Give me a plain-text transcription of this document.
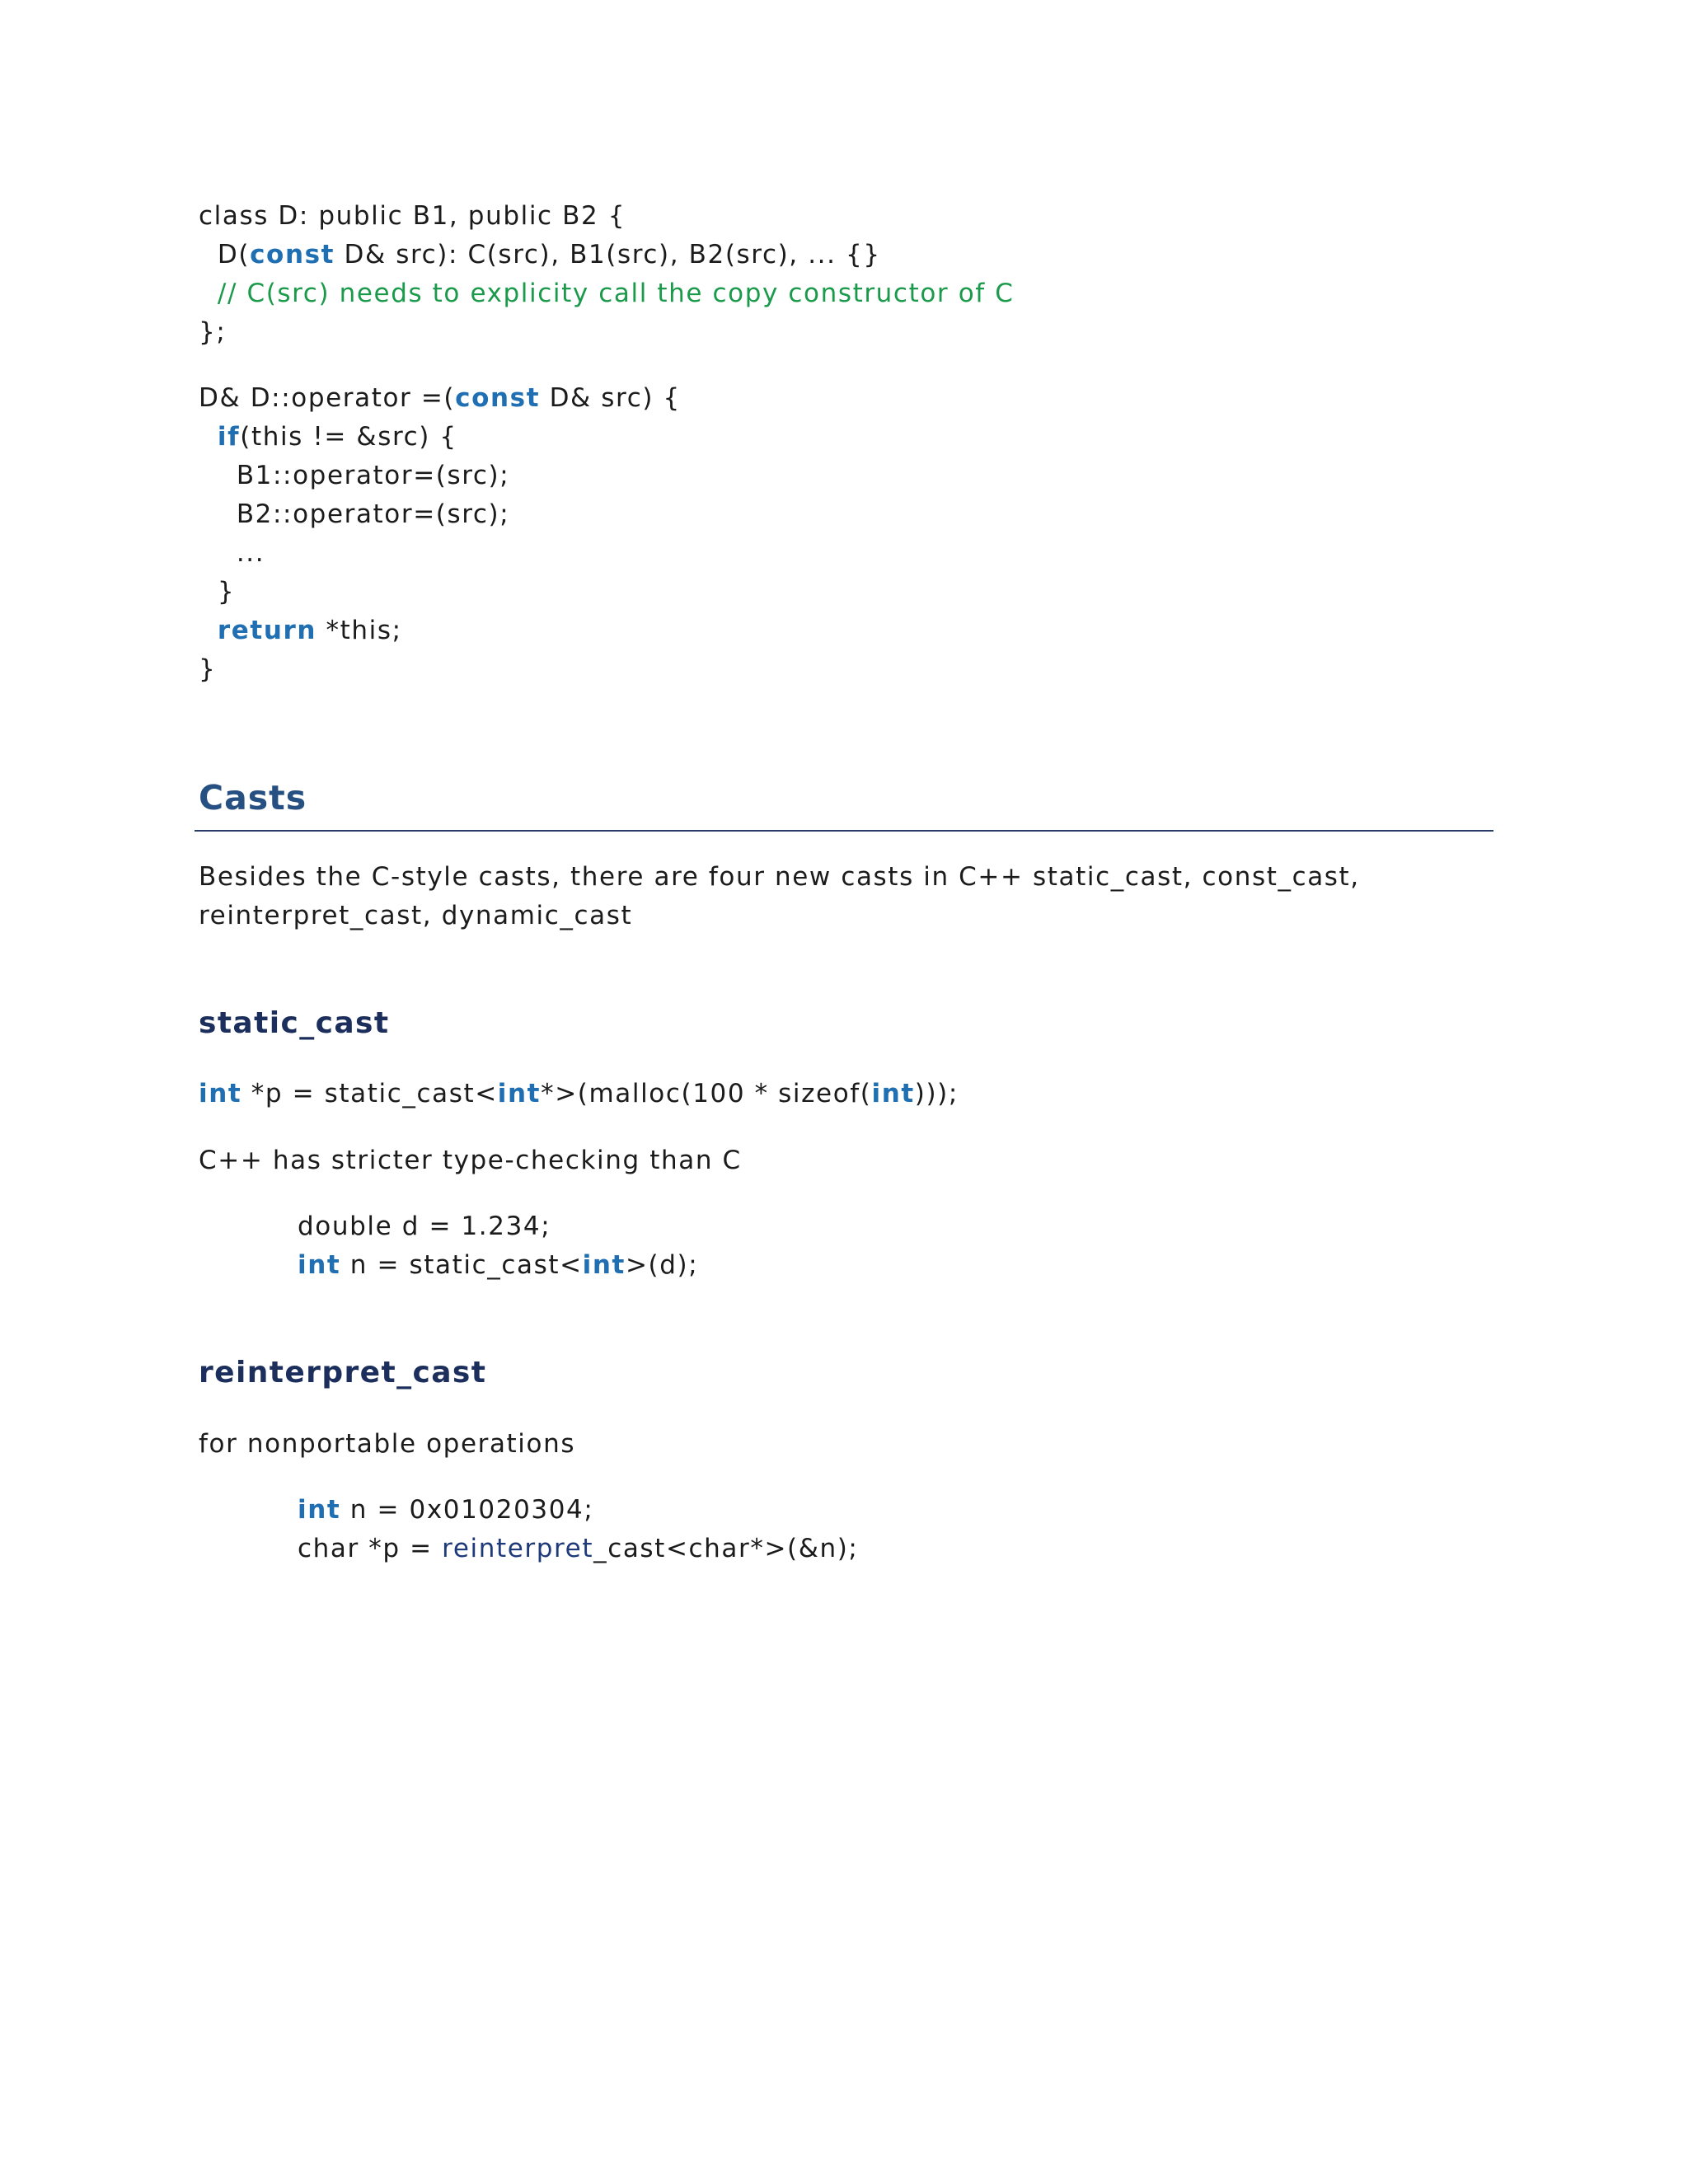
class D: public B1, public B2 {
D(const D& src): C(src), B1(src), B2(src), ... {}
// C(src) needs to explicity call the copy constructor of C
};
D& D::operator =(const D& src) {
if(this != &src) {
B1::operator=(src);
B2::operator=(src);
...
}
return *this;
}
Casts
Besides the C-style casts, there are four new casts in C++ static_cast, const_cast,
reinterpret_cast, dynamic_cast
static_cast
int *p = static_cast<int*>(malloc(100 * sizeof(int)));
C++ has stricter type-checking than C
double d = 1.234;
int n = static_cast<int>(d);
reinterpret_cast
for nonportable operations
int n = 0x01020304;
char *p = reinterpret_cast<char*>(&n);
